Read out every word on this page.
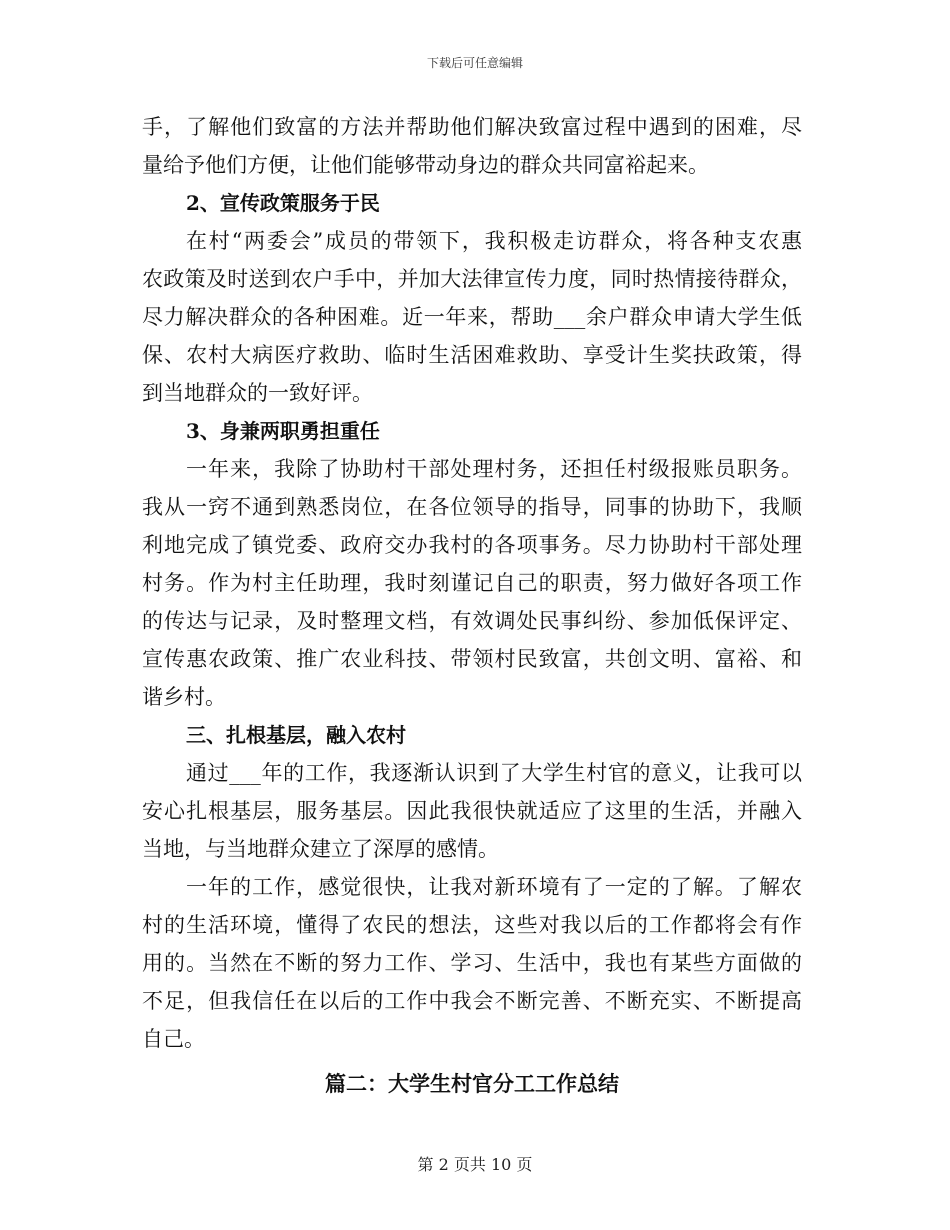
下载后可任意编辑
手，了解他们致富的方法并帮助他们解决致富过程中遇到的困难，尽
量给予他们方便，让他们能够带动身边的群众共同富裕起来。
2、宣传政策服务于民
在村“两委会”成员的带领下，我积极走访群众，将各种支农惠
农政策及时送到农户手中，并加大法律宣传力度，同时热情接待群众，
尽力解决群众的各种困难。近一年来，帮助___余户群众申请大学生低
保、农村大病医疗救助、临时生活困难救助、享受计生奖扶政策，得
到当地群众的一致好评。
3、身兼两职勇担重任
一年来，我除了协助村干部处理村务，还担任村级报账员职务。
我从一窍不通到熟悉岗位，在各位领导的指导，同事的协助下，我顺
利地完成了镇党委、政府交办我村的各项事务。尽力协助村干部处理
村务。作为村主任助理，我时刻谨记自己的职责，努力做好各项工作
的传达与记录，及时整理文档，有效调处民事纠纷、参加低保评定、
宣传惠农政策、推广农业科技、带领村民致富，共创文明、富裕、和
谐乡村。
三、扎根基层，融入农村
通过___年的工作，我逐渐认识到了大学生村官的意义，让我可以
安心扎根基层，服务基层。因此我很快就适应了这里的生活，并融入
当地，与当地群众建立了深厚的感情。
一年的工作，感觉很快，让我对新环境有了一定的了解。了解农
村的生活环境，懂得了农民的想法，这些对我以后的工作都将会有作
用的。当然在不断的努力工作、学习、生活中，我也有某些方面做的
不足，但我信任在以后的工作中我会不断完善、不断充实、不断提高
自己。
篇二：大学生村官分工工作总结
第 2 页共 10 页
